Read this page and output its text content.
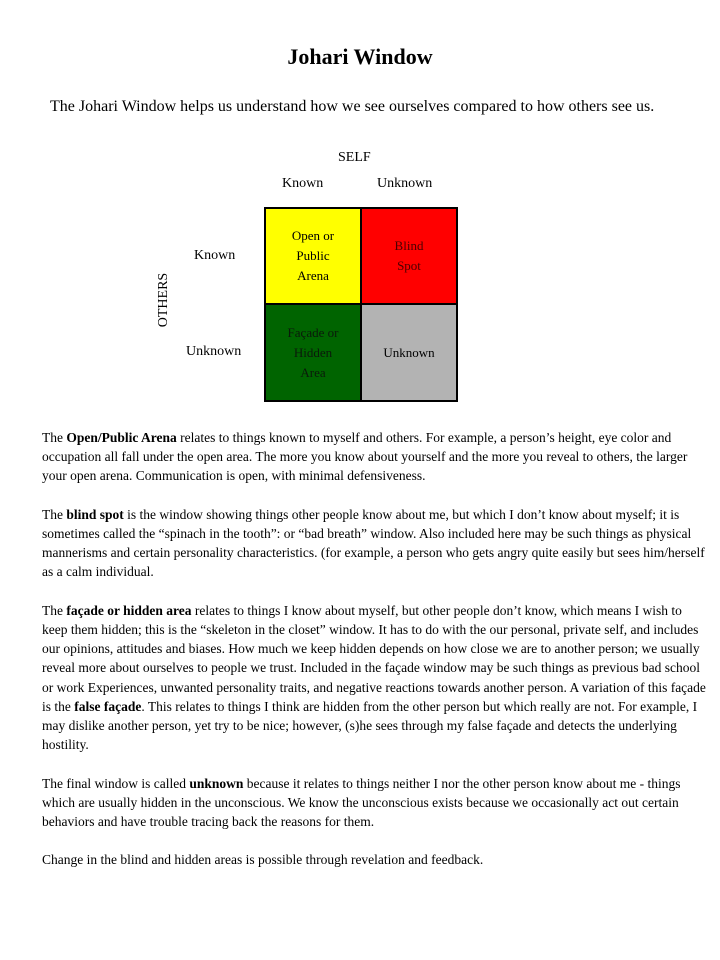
Johari Window
The Johari Window helps us understand how we see ourselves compared to how others see us.
SELF
Known	Unknown
Known
Unknown
OTHERS
Open or
Public
Arena
Blind
Spot
Façade or
Hidden
Area
Unknown

The Open/Public Arena relates to things known to myself and others. For example, a person’s height, eye color and occupation all fall under the open area. The more you know about yourself and the more you reveal to others, the larger your open arena. Communication is open, with minimal defensiveness.

The blind spot is the window showing things other people know about me, but which I don’t know about myself; it is sometimes called the “spinach in the tooth”: or “bad breath” window. Also included here may be such things as physical mannerisms and certain personality characteristics. (for example, a person who gets angry quite easily but sees him/herself as a calm individual.

The façade or hidden area relates to things I know about myself, but other people don’t know, which means I wish to keep them hidden; this is the “skeleton in the closet” window. It has to do with the our personal, private self, and includes our opinions, attitudes and biases. How much we keep hidden depends on how close we are to another person; we usually reveal more about ourselves to people we trust. Included in the façade window may be such things as previous bad school or work Experiences, unwanted personality traits, and negative reactions towards another person. A variation of this façade is the false façade. This relates to things I think are hidden from the other person but which really are not. For example, I may dislike another person, yet try to be nice; however, (s)he sees through my false façade and detects the underlying hostility.

The final window is called unknown because it relates to things neither I nor the other person know about me - things which are usually hidden in the unconscious. We know the unconscious exists because we occasionally act out certain behaviors and have trouble tracing back the reasons for them.

Change in the blind and hidden areas is possible through revelation and feedback.
